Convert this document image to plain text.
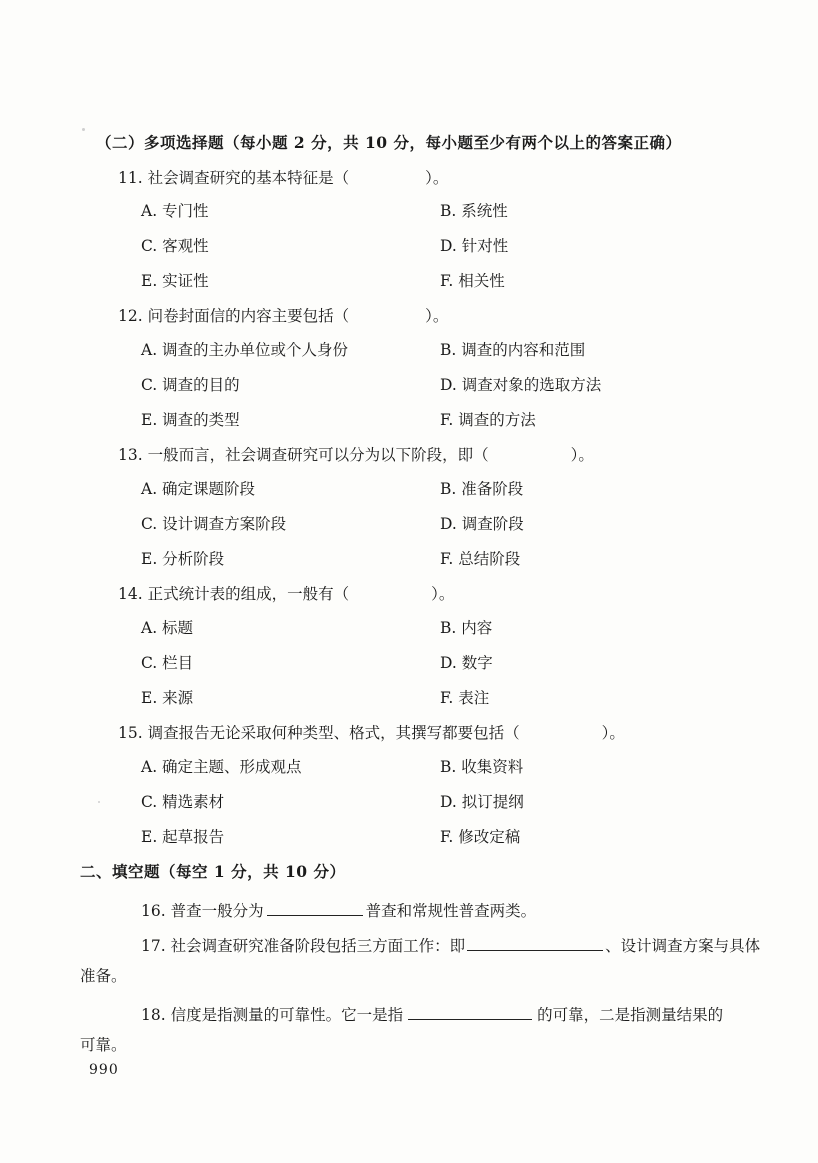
（二）多项选择题（每小题 2 分，共 10 分，每小题至少有两个以上的答案正确）
11. 社会调查研究的基本特征是（	）。
A. 专门性	B. 系统性
C. 客观性	D. 针对性
E. 实证性	F. 相关性
12. 问卷封面信的内容主要包括（	）。
A. 调查的主办单位或个人身份	B. 调查的内容和范围
C. 调查的目的	D. 调查对象的选取方法
E. 调查的类型	F. 调查的方法
13. 一般而言，社会调查研究可以分为以下阶段，即（	）。
A. 确定课题阶段	B. 准备阶段
C. 设计调查方案阶段	D. 调查阶段
E. 分析阶段	F. 总结阶段
14. 正式统计表的组成，一般有（	）。
A. 标题	B. 内容
C. 栏目	D. 数字
E. 来源	F. 表注
15. 调查报告无论采取何种类型、格式，其撰写都要包括（	）。
A. 确定主题、形成观点	B. 收集资料
C. 精选素材	D. 拟订提纲
E. 起草报告	F. 修改定稿
二、填空题（每空 1 分，共 10 分）
16. 普查一般分为	普查和常规性普查两类。
17. 社会调查研究准备阶段包括三方面工作：即	、设计调查方案与具体
准备。
18. 信度是指测量的可靠性。它一是指	的可靠，二是指测量结果的
可靠。
990
